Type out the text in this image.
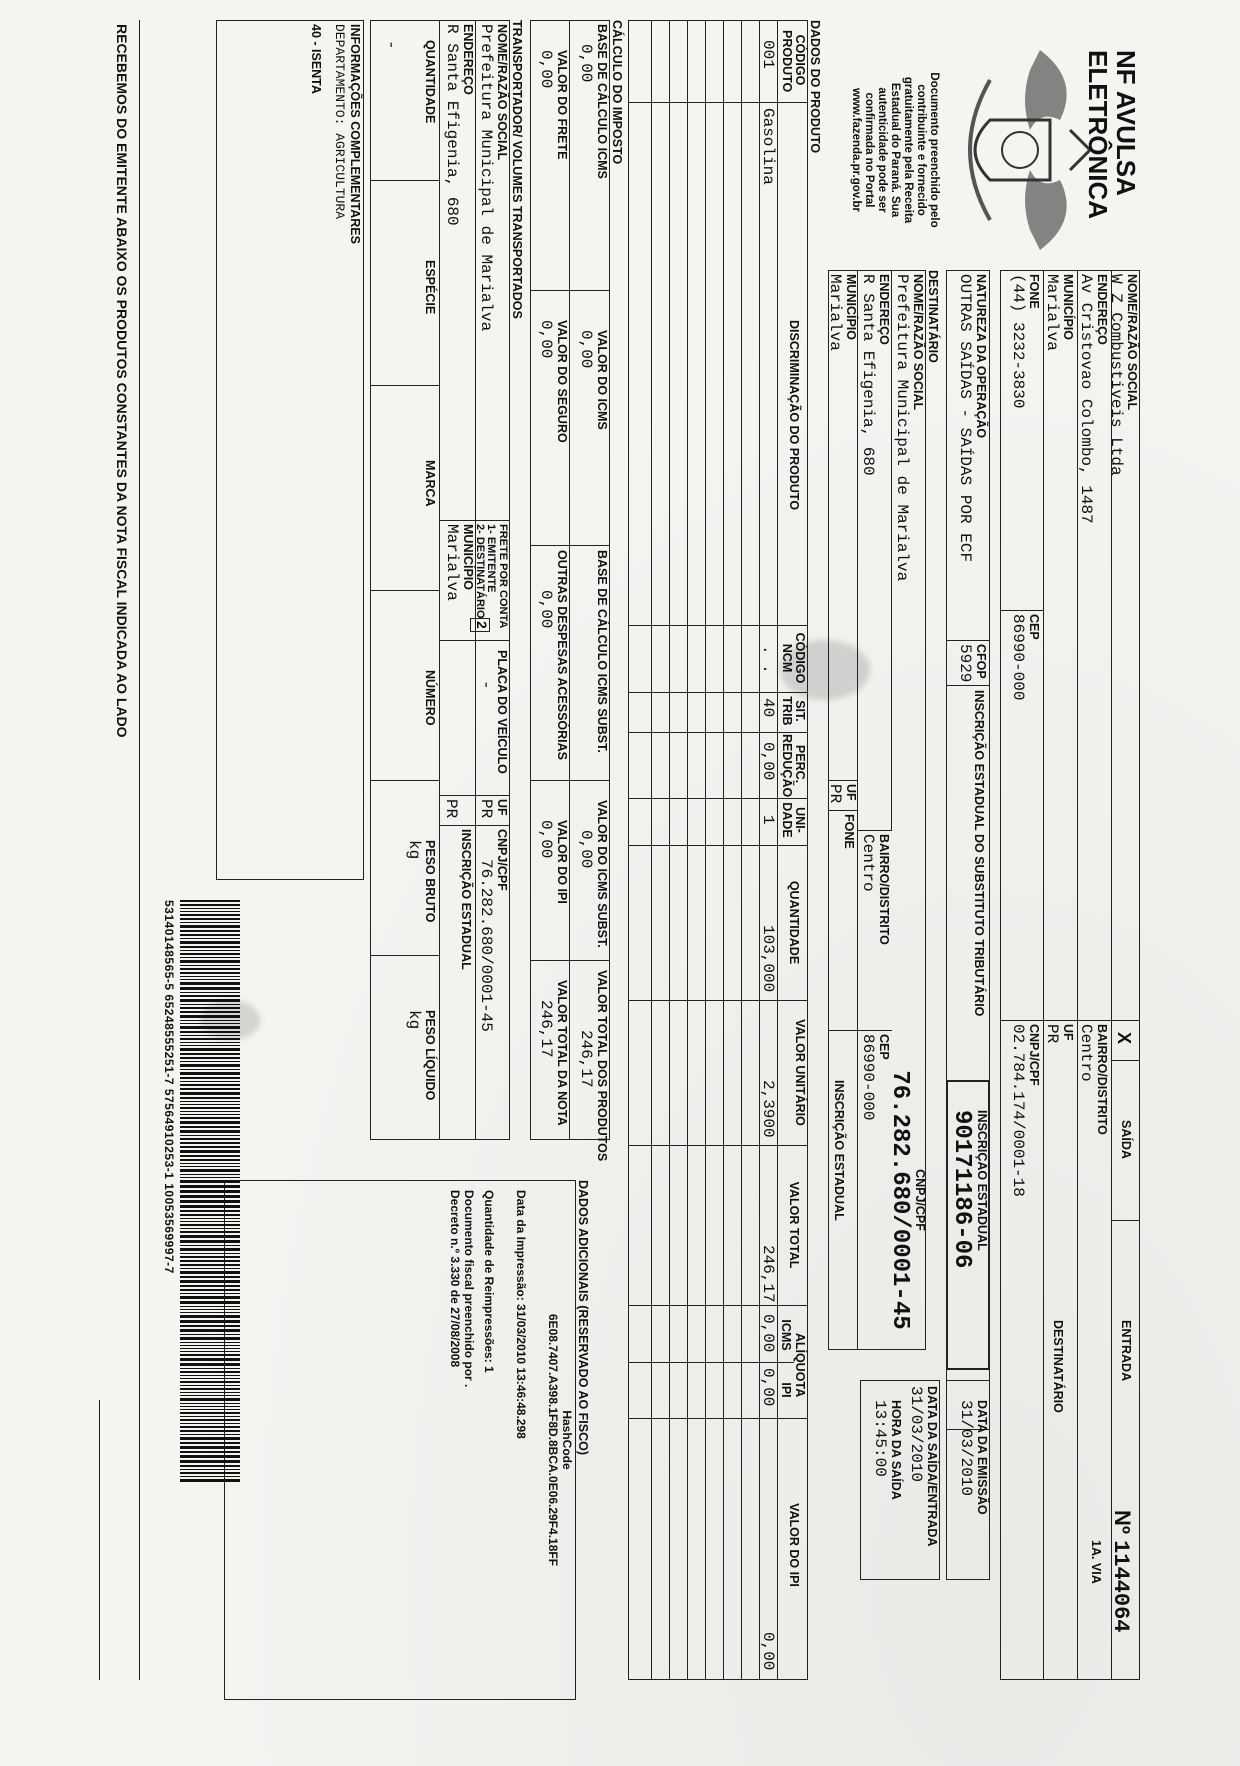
NF AVULSA
ELETRÔNICA
Documento preenchido pelo
contribuinte e fornecido
gratuitamente pela Receita
Estadual do Paraná. Sua
autenticidade pode ser
confirmada no Portal
www.fazenda.pr.gov.br
NOME/RAZÃO SOCIAL
W Z Combustiveis Ltda
ENDEREÇO
Av Cristovao Colombo, 1487
MUNICÍPIO
Marialva
FONE
(44) 3232-3830
CEP
86990-000
X
SAÍDA
ENTRADA
BAIRRO/DISTRITO
Centro
UF
PR
DESTINATÁRIO
CNPJ/CPF
02.784.174/0001-18
Nº 1144064
1A. VIA
NATUREZA DA OPERAÇÃO
OUTRAS SAÍDAS - SAÍDAS POR ECF
CFOP
5929
INSCRIÇÃO ESTADUAL DO SUBSTITUTO TRIBUTÁRIO
INSCRIÇÃO ESTADUAL
90171186-06
DATA DA EMISSÃO
31/03/2010
DESTINATÁRIO
NOME/RAZÃO SOCIAL
Prefeitura Municipal de Marialva
ENDEREÇO
R Santa Efigenia, 680
BAIRRO/DISTRITO
Centro
CEP
86990-000
MUNICÍPIO
Marialva
UF
PR
FONE
INSCRIÇÃO ESTADUAL	CNPJ/CPF
76.282.680/0001-45
DATA DA SAÍDA/ENTRADA
31/03/2010
HORA DA SAÍDA
13:45:00
DADOS DO PRODUTO
CÓDIGO PRODUTO
DISCRIMINAÇÃO DO PRODUTO
CÓDIGO NCM
SIT. TRIB
PERC. REDUÇÃO
UNI- DADE
QUANTIDADE
VALOR UNITÁRIO
VALOR TOTAL
ALÍQUOTA
ICMS
IPI
VALOR DO IPI
001
Gasolina
. .
40
0,00
1
103,000
2,3900
246,17
0,00
0,00
0,00
CÁLCULO DO IMPOSTO
BASE DE CÁLCULO ICMS
0,00
VALOR DO ICMS
0,00
BASE DE CÁLCULO ICMS SUBST.
VALOR DO ICMS SUBST.
0,00
VALOR TOTAL DOS PRODUTOS
246,17
VALOR DO FRETE
0,00
VALOR DO SEGURO
0,00
OUTRAS DESPESAS ACESSÓRIAS
0,00
VALOR DO IPI
0,00
VALOR TOTAL DA NOTA
246,17
DADOS ADICIONAIS (RESERVADO AO FISCO)
HashCode
6E08.7407.A398.1F8D.8BCA.0E06.29F4.18FF
Data da Impressão: 31/03/2010 13:46:48.298
Quantidade de Reimpressões: 1
Documento fiscal preenchido por .
Decreto n.º 3.330 de 27/08/2008
TRANSPORTADOR/ VOLUMES TRANSPORTADOS
NOME/RAZÃO SOCIAL
Prefeitura Municipal de Marialva
FRETE POR CONTA
1- EMITENTE
2- DESTINATÁRIO
2
PLACA DO VEÍCULO
-
UF
PR
CNPJ/CPF
76.282.680/0001-45
ENDEREÇO
R Santa Efigenia, 680
MUNICÍPIO
Marialva
PR
INSCRIÇÃO ESTADUAL
QUANTIDADE
-
ESPÉCIE
MARCA
NÚMERO
PESO BRUTO
kg
PESO LÍQUIDO
kg
INFORMAÇÕES COMPLEMENTARES
DEPARTAMENTO: AGRICULTURA
40 - ISENTA
53140148565-5 65248555251-7 57564910253-1 10053569997-7
RECEBEMOS DO EMITENTE ABAIXO OS PRODUTOS CONSTANTES DA NOTA FISCAL INDICADA AO LADO
